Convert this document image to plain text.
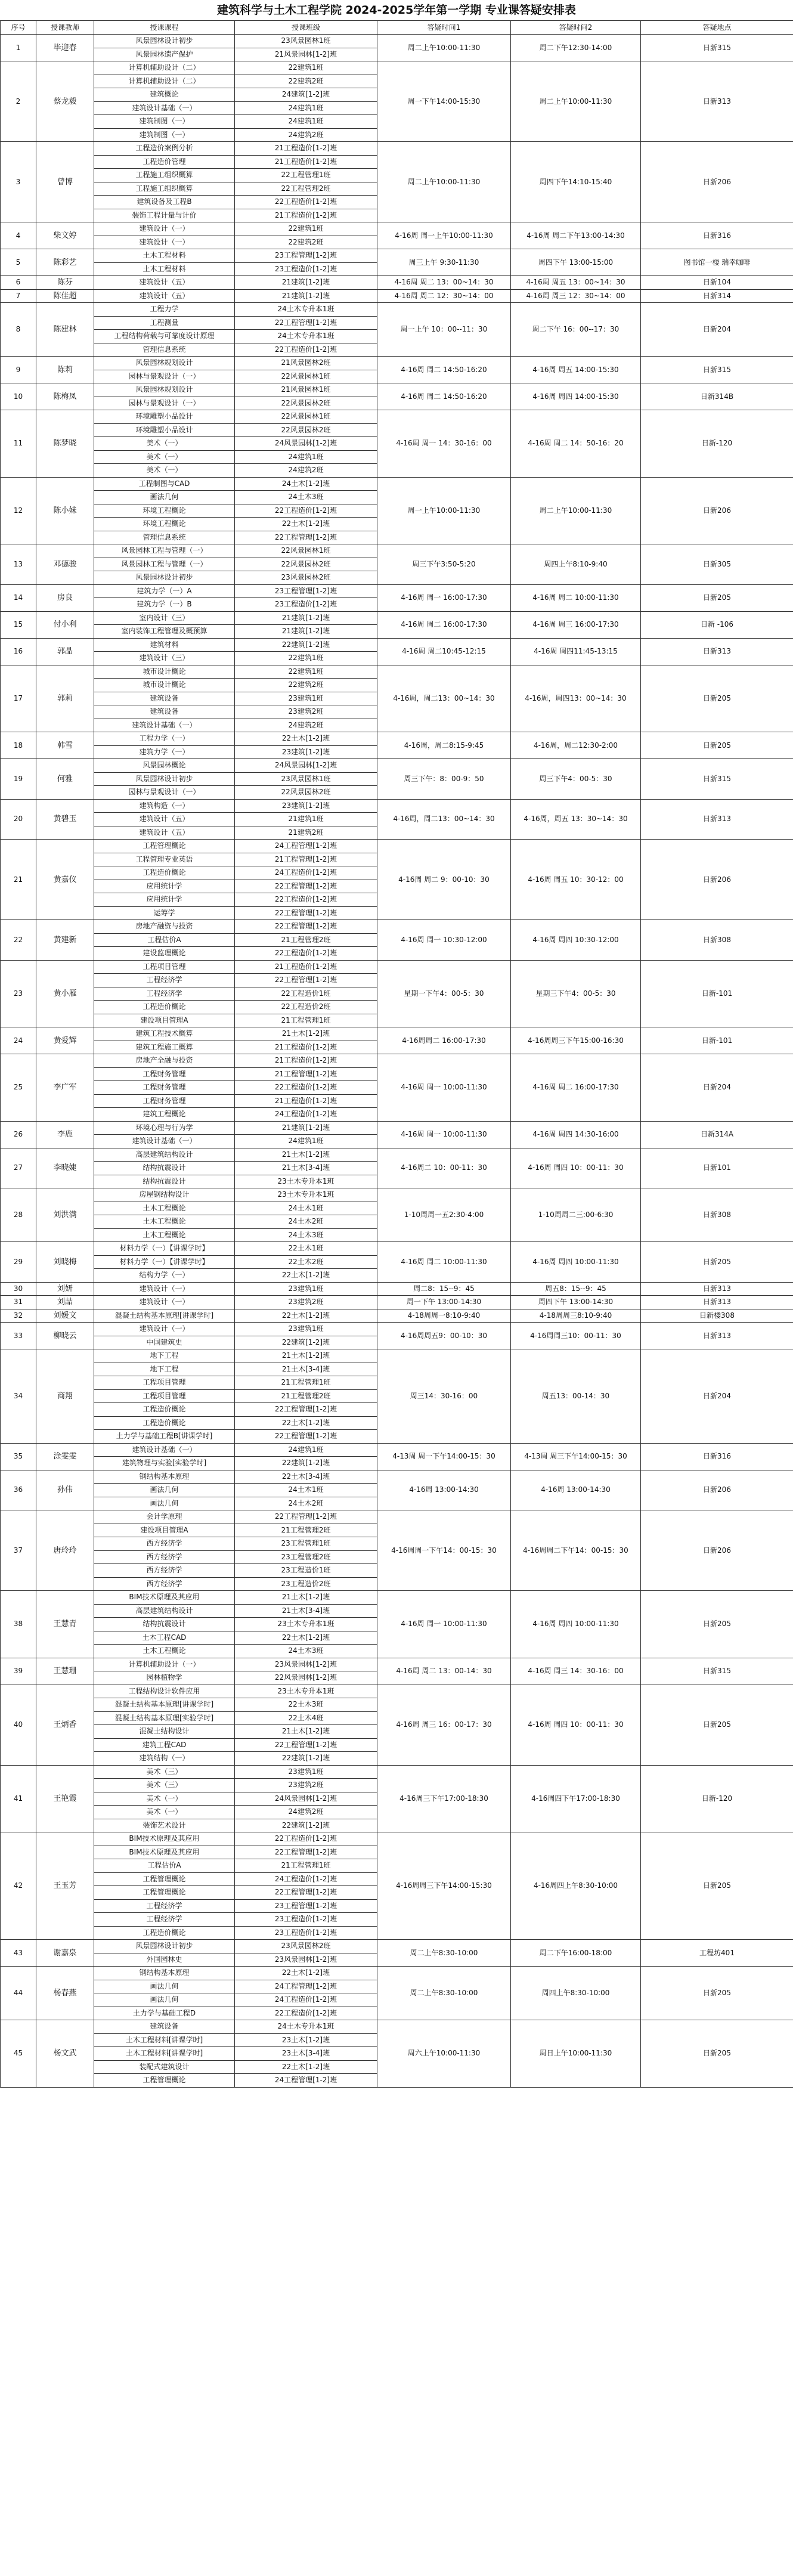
建筑科学与土木工程学院 2024-2025学年第一学期 专业课答疑安排表
序号	授课教师	授课课程	授课班级	答疑时间1	答疑时间2	答疑地点
1	毕迎春	风景园林设计初步	23风景园林1班	周二上午10:00-11:30	周二下午12:30-14:00	日新315
		风景园林遗产保护	21风景园林[1-2]班			
2	蔡龙毅	计算机辅助设计（二）	22建筑1班	周一下午14:00-15:30	周二上午10:00-11:30	日新313
		计算机辅助设计（二）	22建筑2班			
		建筑概论	24建筑[1-2]班			
		建筑设计基础（一）	24建筑1班			
		建筑制图（一）	24建筑1班			
		建筑制图（一）	24建筑2班			
3	曾博	工程造价案例分析	21工程造价[1-2]班	周二上午10:00-11:30	周四下午14:10-15:40	日新206
		工程造价管理	21工程造价[1-2]班			
		工程施工组织概算	22工程管理1班			
		工程施工组织概算	22工程管理2班			
		建筑设备及工程B	22工程造价[1-2]班			
		装饰工程计量与计价	21工程造价[1-2]班			
4	柴文婷	建筑设计（一）	22建筑1班	4-16周 周一上午10:00-11:30	4-16周 周二下午13:00-14:30	日新316
		建筑设计（一）	22建筑2班			
5	陈彩艺	土木工程材料	23工程管理[1-2]班	周三上午 9:30-11:30	周四下午 13:00-15:00	图书馆一楼 瑞幸咖啡
		土木工程材料	23工程造价[1-2]班			
6	陈芬	建筑设计（五）	21建筑[1-2]班	4-16周 周二 13：00~14：30	4-16周 周五 13：00~14：30	日新104
7	陈佳超	建筑设计（五）	21建筑[1-2]班	4-16周 周二 12：30~14：00	4-16周 周三 12：30~14：00	日新314
8	陈建林	工程力学	24土木专升本1班	周一上午 10：00--11：30	周二下午 16：00--17：30	日新204
		工程测量	22工程管理[1-2]班			
		工程结构荷载与可靠度设计原理	24土木专升本1班			
		管理信息系统	22工程造价[1-2]班			
9	陈莉	风景园林规划设计	21风景园林2班	4-16周 周二 14:50-16:20	4-16周 周五 14:00-15:30	日新315
		园林与景观设计（一）	22风景园林1班			
10	陈梅凤	风景园林规划设计	21风景园林1班	4-16周 周二 14:50-16:20	4-16周 周四 14:00-15:30	日新314B
		园林与景观设计（一）	22风景园林2班			
11	陈梦晓	环境雕塑小品设计	22风景园林1班	4-16周 周一 14：30-16：00	4-16周 周二 14：50-16：20	日新-120
		环境雕塑小品设计	22风景园林2班			
		美术（一）	24风景园林[1-2]班			
		美术（一）	24建筑1班			
		美术（一）	24建筑2班			
12	陈小妹	工程制图与CAD	24土木[1-2]班	周一上午10:00-11:30	周二上午10:00-11:30	日新206
		画法几何	24土木3班			
		环境工程概论	22工程造价[1-2]班			
		环境工程概论	22土木[1-2]班			
		管理信息系统	22工程管理[1-2]班			
13	邓德骏	风景园林工程与管理（一）	22风景园林1班	周三下午3:50-5:20	周四上午8:10-9:40	日新305
		风景园林工程与管理（一）	22风景园林2班			
		风景园林设计初步	23风景园林2班			
14	房良	建筑力学（一）A	23工程管理[1-2]班	4-16周 周一 16:00-17:30	4-16周 周二 10:00-11:30	日新205
		建筑力学（一）B	23工程造价[1-2]班			
15	付小利	室内设计（三）	21建筑[1-2]班	4-16周 周二 16:00-17:30	4-16周 周三 16:00-17:30	日新 -106
		室内装饰工程管理及概预算	21建筑[1-2]班			
16	郭晶	建筑材料	22建筑[1-2]班	4-16周 周二10:45-12:15	4-16周 周四11:45-13:15	日新313
		建筑设计（三）	22建筑1班			
17	郭莉	城市设计概论	22建筑1班	4-16周，周二13：00~14：30	4-16周，周四13：00~14：30	日新205
		城市设计概论	22建筑2班			
		建筑设备	23建筑1班			
		建筑设备	23建筑2班			
		建筑设计基础（一）	24建筑2班			
18	韩雪	工程力学（一）	22土木[1-2]班	4-16周，周二8:15-9:45	4-16周，周二12:30-2:00	日新205
		建筑力学（一）	23建筑[1-2]班			
19	何雅	风景园林概论	24风景园林[1-2]班	周三下午：8：00-9：50	周三下午4：00-5：30	日新315
		风景园林设计初步	23风景园林1班			
		园林与景观设计（一）	22风景园林2班			
20	黄碧玉	建筑构造（一）	23建筑[1-2]班	4-16周，周二13：00~14：30	4-16周，周五 13：30~14：30	日新313
		建筑设计（五）	21建筑1班			
		建筑设计（五）	21建筑2班			
21	黄嘉仪	工程管理概论	24工程管理[1-2]班	4-16周 周二 9：00-10：30	4-16周 周五 10：30-12：00	日新206
		工程管理专业英语	21工程管理[1-2]班			
		工程造价概论	24工程造价[1-2]班			
		应用统计学	22工程管理[1-2]班			
		应用统计学	22工程造价[1-2]班			
		运筹学	22工程管理[1-2]班			
22	黄建新	房地产融资与投资	22工程管理[1-2]班	4-16周 周一 10:30-12:00	4-16周 周四 10:30-12:00	日新308
		工程估价A	21工程管理2班			
		建设监理概论	22工程造价[1-2]班			
23	黄小雁	工程项目管理	21工程造价[1-2]班	星期一下午4：00-5：30	星期三下午4：00-5：30	日新-101
		工程经济学	22工程管理[1-2]班			
		工程经济学	22工程造价1班			
		工程造价概论	22工程造价2班			
		建设项目管理A	21工程管理1班			
24	黄爱辉	建筑工程技术概算	21土木[1-2]班	4-16周周二 16:00-17:30	4-16周周三下午15:00-16:30	日新-101
		建筑工程施工概算	21工程造价[1-2]班			
25	李广军	房地产全融与投资	21工程造价[1-2]班	4-16周 周一 10:00-11:30	4-16周 周二 16:00-17:30	日新204
		工程财务管理	21工程管理[1-2]班			
		工程财务管理	22工程造价[1-2]班			
		工程财务管理	21工程造价[1-2]班			
		建筑工程概论	24工程造价[1-2]班			
26	李鹿	环境心理与行为学	21建筑[1-2]班	4-16周 周一 10:00-11:30	4-16周 周四 14:30-16:00	日新314A
		建筑设计基础（一）	24建筑1班			
27	李晓婕	高层建筑结构设计	21土木[1-2]班	4-16周二 10：00-11：30	4-16周 周四 10：00-11：30	日新101
		结构抗震设计	21土木[3-4]班			
		结构抗震设计	23土木专升本1班			
28	刘洪满	房屋钢结构设计	23土木专升本1班	1-10周周一五2:30-4:00	1-10周周二三:00-6:30	日新308
		土木工程概论	24土木1班			
		土木工程概论	24土木2班			
		土木工程概论	24土木3班			
29	刘晓梅	材料力学（一）【讲课学时】	22土木1班	4-16周 周二 10:00-11:30	4-16周 周四 10:00-11:30	日新205
		材料力学（一）【讲课学时】	22土木2班			
		结构力学（一）	22土木[1-2]班			
30	刘妍	建筑设计（一）	23建筑1班	周二8：15--9：45	周五8：15--9：45	日新313
31	刘喆	建筑设计（一）	23建筑2班	周一下午 13:00-14:30	周四下午 13:00-14:30	日新313
32	刘媛文	混凝土结构基本原理[讲课学时]	22土木[1-2]班	4-18周周一8:10-9:40	4-18周周三8:10-9:40	日新楼308
33	柳晓云	建筑设计（一）	23建筑1班	4-16周周五9：00-10：30	4-16周周三10：00-11：30	日新313
		中国建筑史	22建筑[1-2]班			
34	商翔	地下工程	21土木[1-2]班	周三14：30-16：00	周五13：00-14：30	日新204
		地下工程	21土木[3-4]班			
		工程项目管理	21工程管理1班			
		工程项目管理	21工程管理2班			
		工程造价概论	22工程管理[1-2]班			
		工程造价概论	22土木[1-2]班			
		土力学与基础工程B[讲课学时]	22工程管理[1-2]班			
35	涂雯雯	建筑设计基础（一）	24建筑1班	4-13周 周一下午14:00-15：30	4-13周 周三下午14:00-15：30	日新316
		建筑物理与实验[实验学时]	22建筑[1-2]班			
36	孙伟	钢结构基本原理	22土木[3-4]班	4-16周 13:00-14:30	4-16周 13:00-14:30	日新206
		画法几何	24土木1班			
		画法几何	24土木2班			
37	唐玲玲	会计学原理	22工程管理[1-2]班	4-16周周一下午14：00-15：30	4-16周周二下午14：00-15：30	日新206
		建设项目管理A	21工程管理2班			
		西方经济学	23工程管理1班			
		西方经济学	23工程管理2班			
		西方经济学	23工程造价1班			
		西方经济学	23工程造价2班			
38	王慧青	BIM技术原理及其应用	21土木[1-2]班	4-16周 周一 10:00-11:30	4-16周 周四 10:00-11:30	日新205
		高层建筑结构设计	21土木[3-4]班			
		结构抗震设计	23土木专升本1班			
		土木工程CAD	22土木[1-2]班			
		土木工程概论	24土木3班			
39	王慧珊	计算机辅助设计（一）	23风景园林[1-2]班	4-16周 周二 13：00-14：30	4-16周 周三 14：30-16：00	日新315
		园林植物学	22风景园林[1-2]班			
40	王炳香	工程结构设计软件应用	23土木专升本1班	4-16周 周三 16：00-17：30	4-16周 周四 10：00-11：30	日新205
		混凝土结构基本原理[讲课学时]	22土木3班			
		混凝土结构基本原理[实验学时]	22土木4班			
		混凝土结构设计	21土木[1-2]班			
		建筑工程CAD	22工程管理[1-2]班			
		建筑结构（一）	22建筑[1-2]班			
41	王艳霞	美术（三）	23建筑1班	4-16周三下午17:00-18:30	4-16周四下午17:00-18:30	日新-120
		美术（三）	23建筑2班			
		美术（一）	24风景园林[1-2]班			
		美术（一）	24建筑2班			
		装饰艺术设计	22建筑[1-2]班			
42	王玉芳	BIM技术原理及其应用	22工程造价[1-2]班	4-16周周三下午14:00-15:30	4-16周四上午8:30-10:00	日新205
		BIM技术原理及其应用	22工程管理[1-2]班			
		工程估价A	21工程管理1班			
		工程管理概论	24工程造价[1-2]班			
		工程管理概论	22工程管理[1-2]班			
		工程经济学	23工程管理[1-2]班			
		工程经济学	23工程造价[1-2]班			
		工程造价概论	23工程造价[1-2]班			
43	谢嘉泉	风景园林设计初步	23风景园林2班	周二上午8:30-10:00	周二下午16:00-18:00	工程坊401
		外国园林史	23风景园林[1-2]班			
44	杨春燕	钢结构基本原理	22土木[1-2]班	周二上午8:30-10:00	周四上午8:30-10:00	日新205
		画法几何	24工程管理[1-2]班			
		画法几何	24工程造价[1-2]班			
		土力学与基础工程D	22工程造价[1-2]班			
45	杨文武	建筑设备	24土木专升本1班	周六上午10:00-11:30	周日上午10:00-11:30	日新205
		土木工程材料[讲课学时]	23土木[1-2]班			
		土木工程材料[讲课学时]	23土木[3-4]班			
		装配式建筑设计	22土木[1-2]班			
		工程管理概论	24工程管理[1-2]班			
